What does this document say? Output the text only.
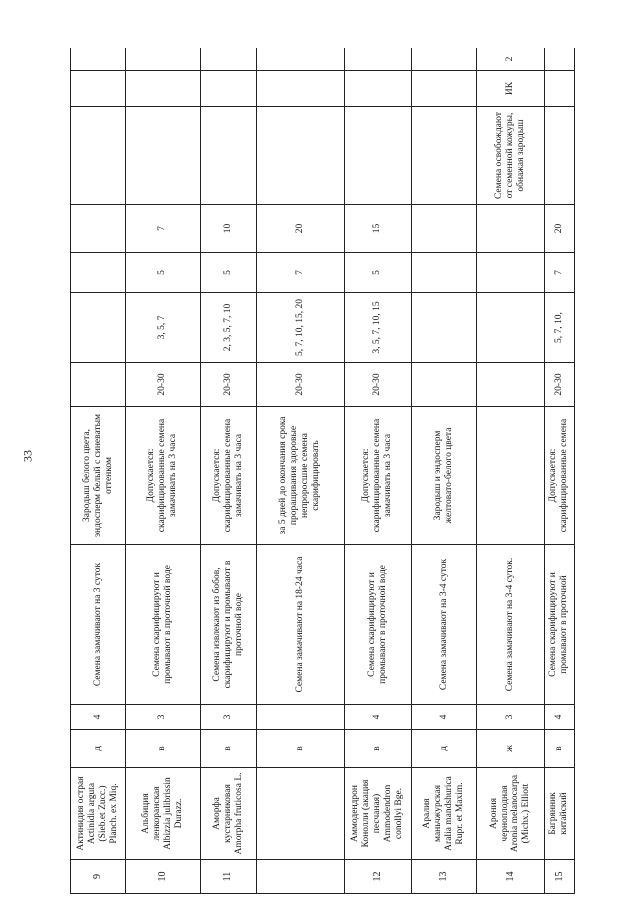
33
9	Актинидия острая Actinidia arguta (Sieb.et Zucc.) Planch. ex Miq.	д	4	Семена замачивают на 3 суток	Зародыш белого цвета, эндосперм белый с синеватым оттенком							
10	Альбиция ленкоранская Albizzia julibrissin Durazz.	в	3	Семена скарифицируют и промывают в проточной воде	Допускается: скарифицированные семена замачивать на 3 часа	20-30	3, 5, 7	5	7			
11	Аморфа кустарниковая Amorpha fruticosa L.	в	3	Семена извлекают из бобов, скарифицируют и промывают в проточной воде	Допускается: скарифицированные семена замачивать на 3 часа	20-30	2, 3, 5, 7, 10	5	10			
		в		Семена замачивают на 18-24 часа	за 5 дней до окончания срока проращивания здоровые непроросшие семена скарифицировать	20-30	5, 7, 10, 15, 20	7	20			
12	Аммодендрон Конолли (акация песчаная) Ammodendron conollyi Bge.	в	4	Семена скарифицируют и промывают в проточной воде	Допускается: скарифицированные семена замачивать на 3 часа	20-30	3, 5, 7, 10, 15	5	15			
13	Аралия маньчжурская Aralia mandshurica Rupr. et Maxim.	д	4	Семена замачивают на 3-4 суток	Зародыш и эндосперм желтовато-белого цвета							
14	Арония черноплодная Aronia melanocarpa (Michx.) Elliott	ж	3	Семена замачивают на 3-4 суток.						Семена освобождают от семенной кожуры, обнажая зародыш	ИК	2
15	Багрянник китайский	в	4	Семена скарифицируют и промывают в проточной	Допускается: скарифицированные семена	20-30	5, 7, 10,	7	20			
